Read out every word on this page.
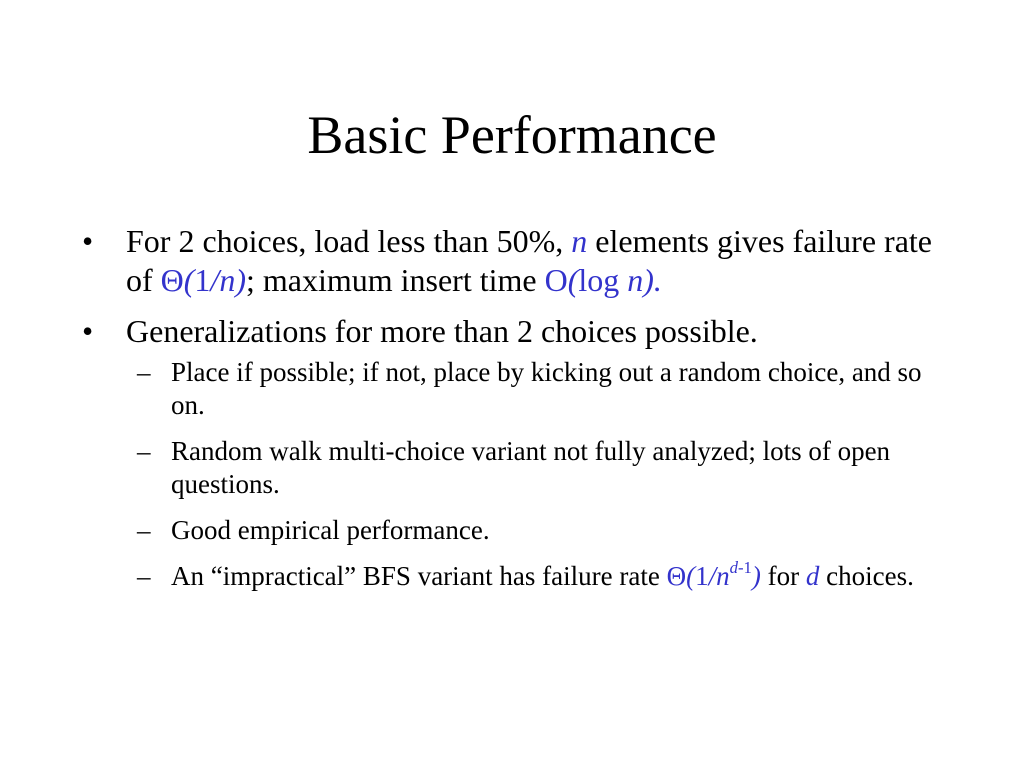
Basic Performance
• For 2 choices, load less than 50%, n elements gives failure rate of Θ(1/n); maximum insert time O(log n).
• Generalizations for more than 2 choices possible.
– Place if possible; if not, place by kicking out a random choice, and so on.
– Random walk multi-choice variant not fully analyzed; lots of open questions.
– Good empirical performance.
– An “impractical” BFS variant has failure rate $\Theta(1/n^{d-1})$ for d choices.
